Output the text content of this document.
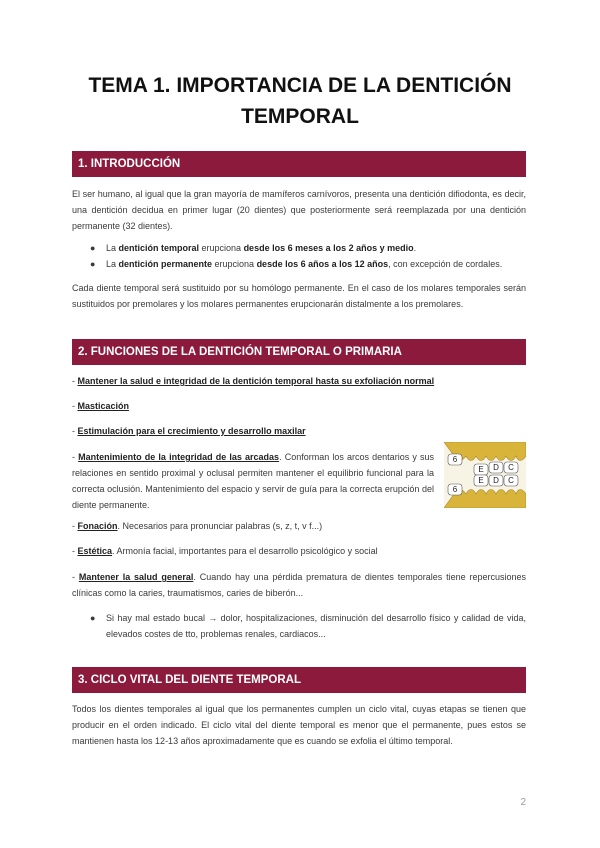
TEMA 1. IMPORTANCIA DE LA DENTICIÓN
TEMPORAL
1. INTRODUCCIÓN

El ser humano, al igual que la gran mayoría de mamíferos carnívoros, presenta una dentición difiodonta, es decir, una dentición decidua en primer lugar (20 dientes) que posteriormente será reemplazada por una dentición permanente (32 dientes).

● La dentición temporal erupciona desde los 6 meses a los 2 años y medio.
● La dentición permanente erupciona desde los 6 años a los 12 años, con excepción de cordales.

Cada diente temporal será sustituido por su homólogo permanente. En el caso de los molares temporales serán sustituidos por premolares y los molares permanentes erupcionarán distalmente a los premolares.

2. FUNCIONES DE LA DENTICIÓN TEMPORAL O PRIMARIA

- Mantener la salud e integridad de la dentición temporal hasta su exfoliación normal

- Masticación

- Estimulación para el crecimiento y desarrollo maxilar

- Mantenimiento de la integridad de las arcadas. Conforman los arcos dentarios y sus relaciones en sentido proximal y oclusal permiten mantener el equilibrio funcional para la correcta oclusión. Mantenimiento del espacio y servir de guía para la correcta erupción del diente permanente.

6
E D C
E D C
6

- Fonación. Necesarios para pronunciar palabras (s, z, t, v f...)

- Estética. Armonía facial, importantes para el desarrollo psicológico y social

- Mantener la salud general. Cuando hay una pérdida prematura de dientes temporales tiene repercusiones clínicas como la caries, traumatismos, caries de biberón...

● Si hay mal estado bucal → dolor, hospitalizaciones, disminución del desarrollo físico y calidad de vida, elevados costes de tto, problemas renales, cardiacos...
3. CICLO VITAL DEL DIENTE TEMPORAL

Todos los dientes temporales al igual que los permanentes cumplen un ciclo vital, cuyas etapas se tienen que producir en el orden indicado. El ciclo vital del diente temporal es menor que el permanente, pues estos se mantienen hasta los 12-13 años aproximadamente que es cuando se exfolia el último temporal.

2
